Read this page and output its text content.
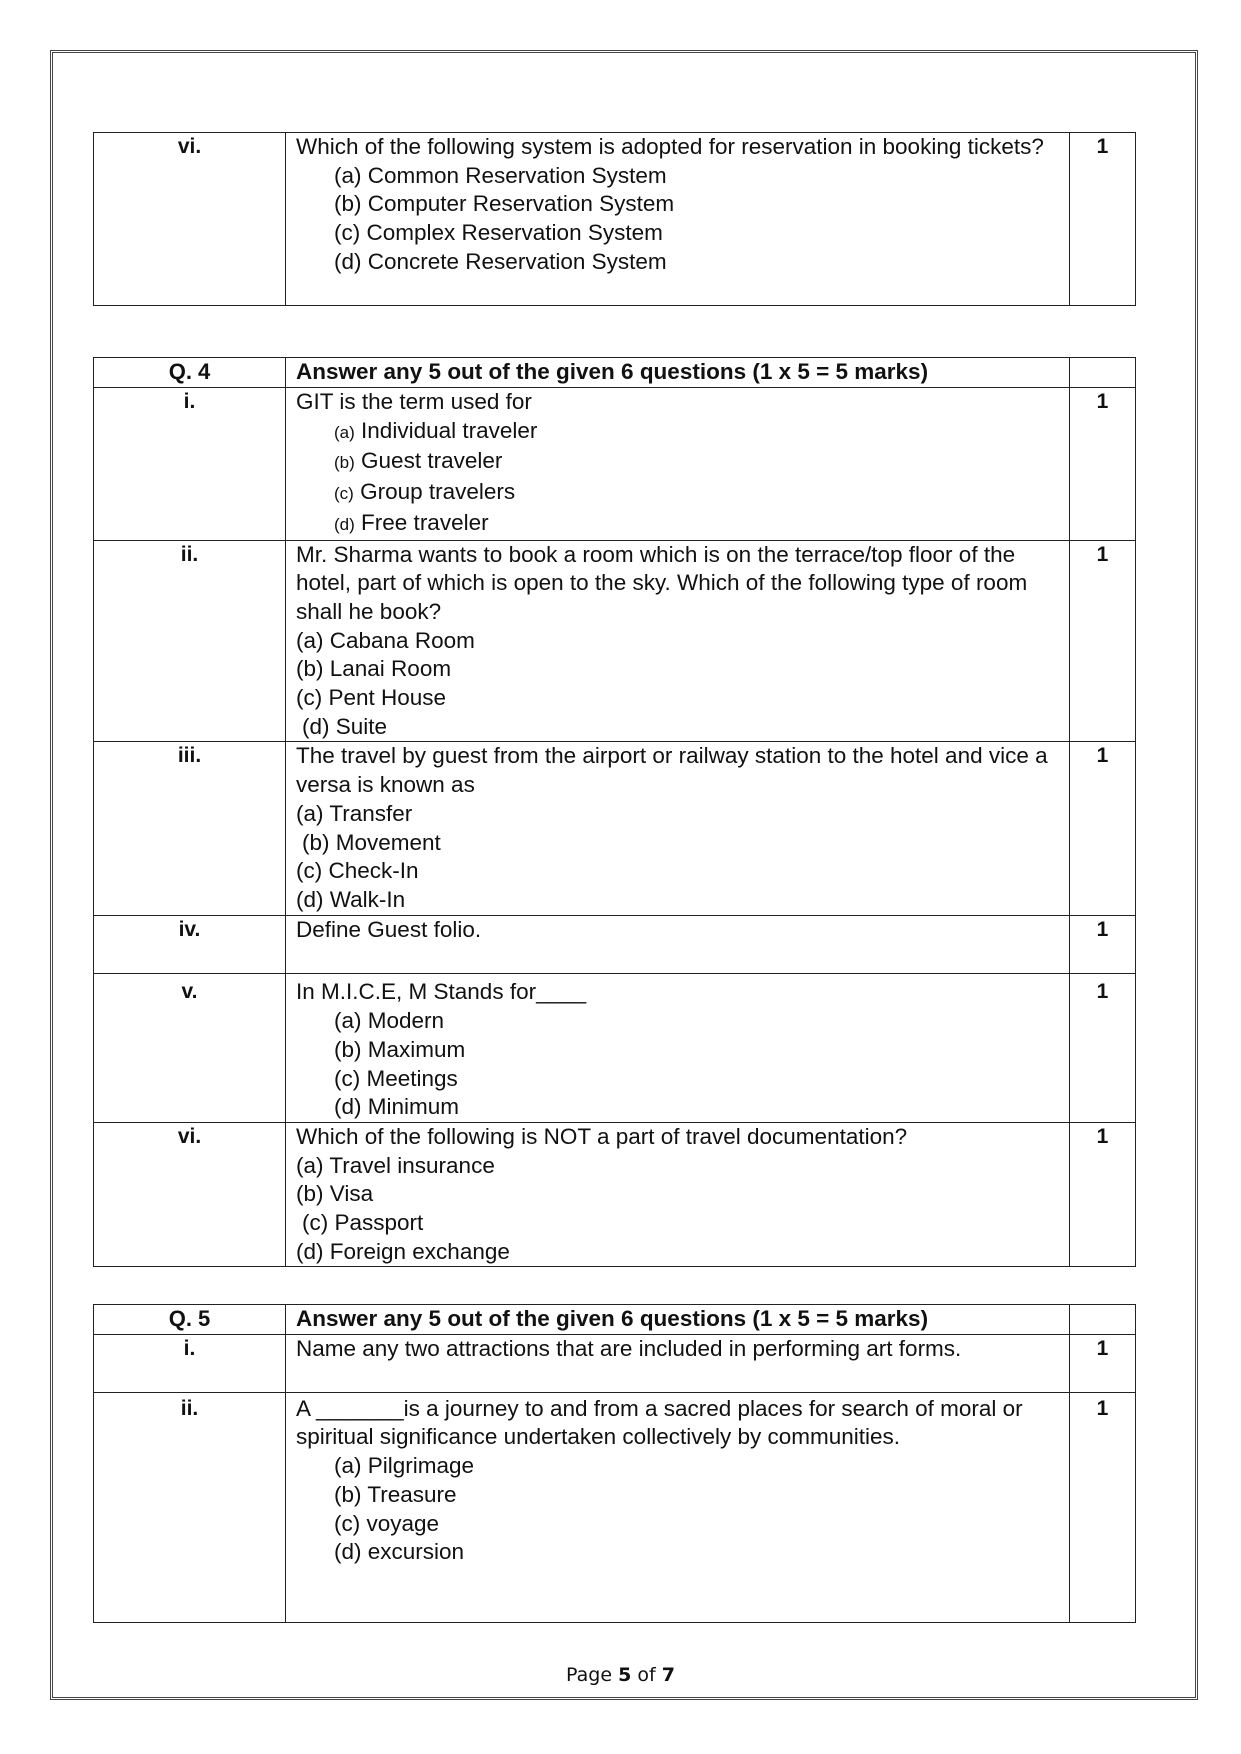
vi.	Which of the following system is adopted for reservation in booking tickets?
(a) Common Reservation System
(b) Computer Reservation System
(c) Complex Reservation System
(d) Concrete Reservation System
	1
Q. 4	Answer any 5 out of the given 6 questions (1 x 5 = 5 marks)	
i.	GIT is the term used for
(a) Individual traveler
(b) Guest traveler
(c) Group travelers
(d) Free traveler	1
ii.	Mr. Sharma wants to book a room which is on the terrace/top floor of the hotel, part of which is open to the sky. Which of the following type of room shall he book?
(a) Cabana Room
(b) Lanai Room
(c) Pent House
(d) Suite	1
iii.	The travel by guest from the airport or railway station to the hotel and vice a versa is known as
(a) Transfer
(b) Movement
(c) Check-In
(d) Walk-In	1
iv.	Define Guest folio.	1
v.	In M.I.C.E, M Stands for____
(a) Modern
(b) Maximum
(c) Meetings
(d) Minimum	1
vi.	Which of the following is NOT a part of travel documentation?
(a) Travel insurance
(b) Visa
(c) Passport
(d) Foreign exchange	1
Q. 5	Answer any 5 out of the given 6 questions (1 x 5 = 5 marks)	
i.	Name any two attractions that are included in performing art forms.	1
ii.	A _______is a journey to and from a sacred places for search of moral or spiritual significance undertaken collectively by communities.
(a) Pilgrimage
(b) Treasure
(c) voyage
(d) excursion	1
Page 5 of 7
